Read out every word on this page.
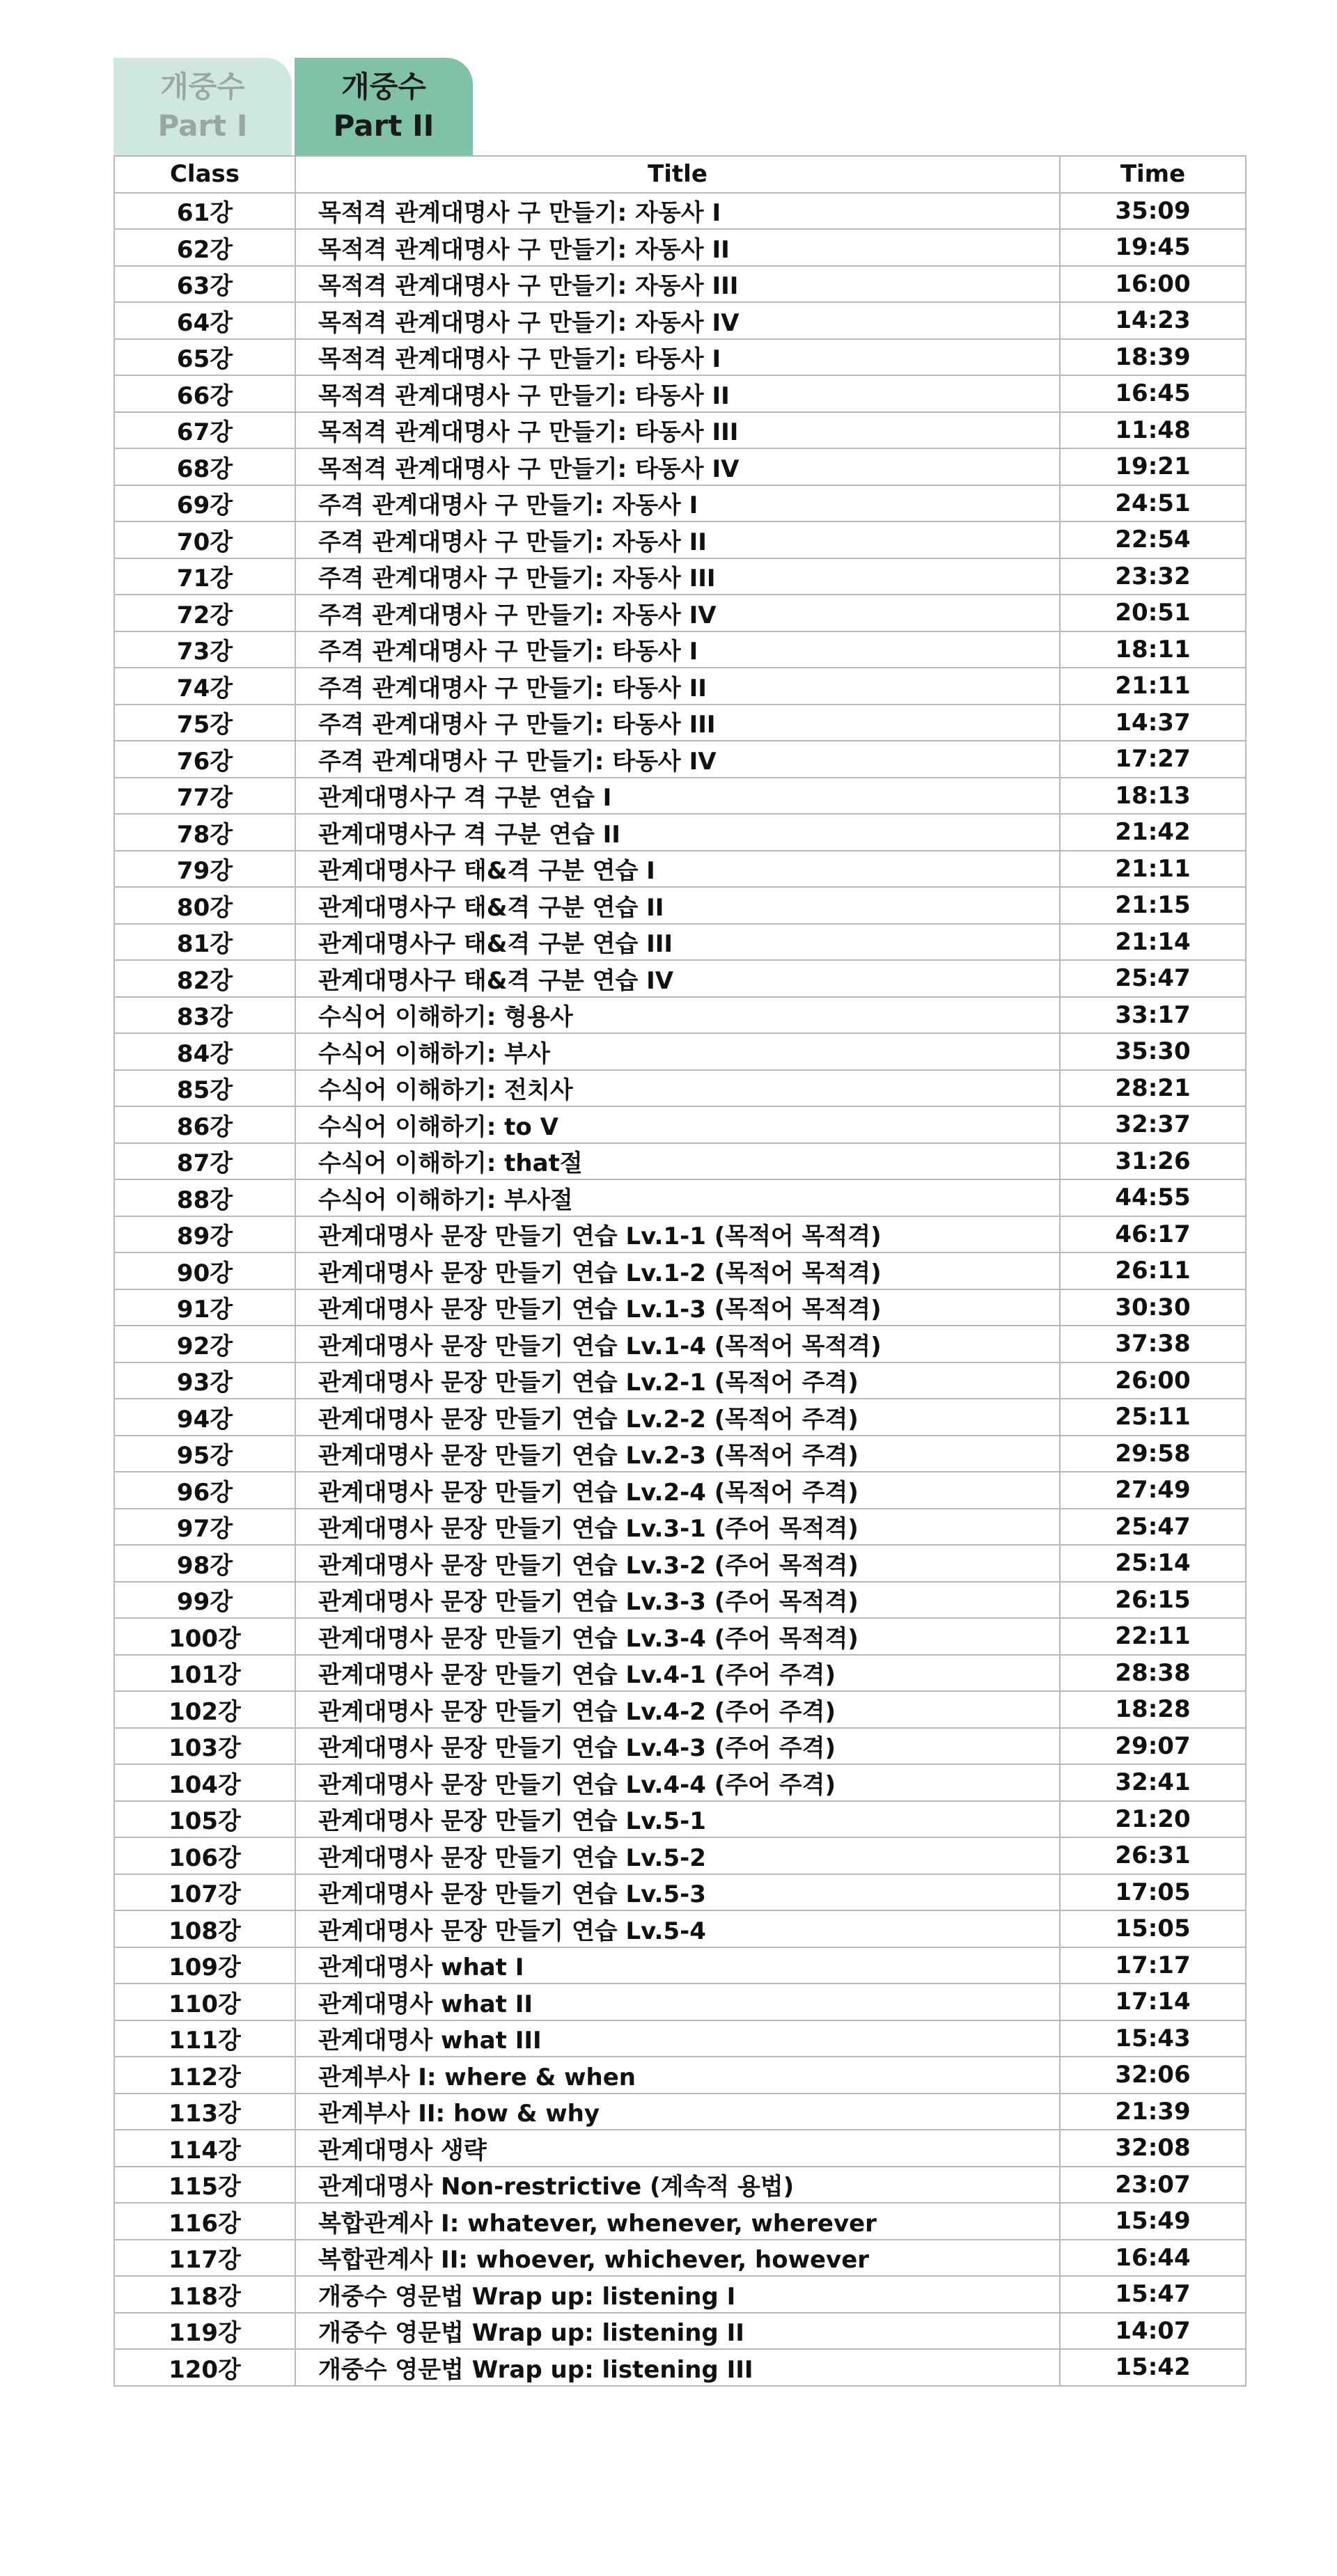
개중수
Part I
개중수
Part II
Class	Title	Time
61강	목적격 관계대명사 구 만들기: 자동사 I	35:09
62강	목적격 관계대명사 구 만들기: 자동사 II	19:45
63강	목적격 관계대명사 구 만들기: 자동사 III	16:00
64강	목적격 관계대명사 구 만들기: 자동사 IV	14:23
65강	목적격 관계대명사 구 만들기: 타동사 I	18:39
66강	목적격 관계대명사 구 만들기: 타동사 II	16:45
67강	목적격 관계대명사 구 만들기: 타동사 III	11:48
68강	목적격 관계대명사 구 만들기: 타동사 IV	19:21
69강	주격 관계대명사 구 만들기: 자동사 I	24:51
70강	주격 관계대명사 구 만들기: 자동사 II	22:54
71강	주격 관계대명사 구 만들기: 자동사 III	23:32
72강	주격 관계대명사 구 만들기: 자동사 IV	20:51
73강	주격 관계대명사 구 만들기: 타동사 I	18:11
74강	주격 관계대명사 구 만들기: 타동사 II	21:11
75강	주격 관계대명사 구 만들기: 타동사 III	14:37
76강	주격 관계대명사 구 만들기: 타동사 IV	17:27
77강	관계대명사구 격 구분 연습 I	18:13
78강	관계대명사구 격 구분 연습 II	21:42
79강	관계대명사구 태&격 구분 연습 I	21:11
80강	관계대명사구 태&격 구분 연습 II	21:15
81강	관계대명사구 태&격 구분 연습 III	21:14
82강	관계대명사구 태&격 구분 연습 IV	25:47
83강	수식어 이해하기: 형용사	33:17
84강	수식어 이해하기: 부사	35:30
85강	수식어 이해하기: 전치사	28:21
86강	수식어 이해하기: to V	32:37
87강	수식어 이해하기: that절	31:26
88강	수식어 이해하기: 부사절	44:55
89강	관계대명사 문장 만들기 연습 Lv.1-1 (목적어 목적격)	46:17
90강	관계대명사 문장 만들기 연습 Lv.1-2 (목적어 목적격)	26:11
91강	관계대명사 문장 만들기 연습 Lv.1-3 (목적어 목적격)	30:30
92강	관계대명사 문장 만들기 연습 Lv.1-4 (목적어 목적격)	37:38
93강	관계대명사 문장 만들기 연습 Lv.2-1 (목적어 주격)	26:00
94강	관계대명사 문장 만들기 연습 Lv.2-2 (목적어 주격)	25:11
95강	관계대명사 문장 만들기 연습 Lv.2-3 (목적어 주격)	29:58
96강	관계대명사 문장 만들기 연습 Lv.2-4 (목적어 주격)	27:49
97강	관계대명사 문장 만들기 연습 Lv.3-1 (주어 목적격)	25:47
98강	관계대명사 문장 만들기 연습 Lv.3-2 (주어 목적격)	25:14
99강	관계대명사 문장 만들기 연습 Lv.3-3 (주어 목적격)	26:15
100강	관계대명사 문장 만들기 연습 Lv.3-4 (주어 목적격)	22:11
101강	관계대명사 문장 만들기 연습 Lv.4-1 (주어 주격)	28:38
102강	관계대명사 문장 만들기 연습 Lv.4-2 (주어 주격)	18:28
103강	관계대명사 문장 만들기 연습 Lv.4-3 (주어 주격)	29:07
104강	관계대명사 문장 만들기 연습 Lv.4-4 (주어 주격)	32:41
105강	관계대명사 문장 만들기 연습 Lv.5-1	21:20
106강	관계대명사 문장 만들기 연습 Lv.5-2	26:31
107강	관계대명사 문장 만들기 연습 Lv.5-3	17:05
108강	관계대명사 문장 만들기 연습 Lv.5-4	15:05
109강	관계대명사 what I	17:17
110강	관계대명사 what II	17:14
111강	관계대명사 what III	15:43
112강	관계부사 I: where & when	32:06
113강	관계부사 II: how & why	21:39
114강	관계대명사 생략	32:08
115강	관계대명사 Non-restrictive (계속적 용법)	23:07
116강	복합관계사 I: whatever, whenever, wherever	15:49
117강	복합관계사 II: whoever, whichever, however	16:44
118강	개중수 영문법 Wrap up: listening I	15:47
119강	개중수 영문법 Wrap up: listening II	14:07
120강	개중수 영문법 Wrap up: listening III	15:42
